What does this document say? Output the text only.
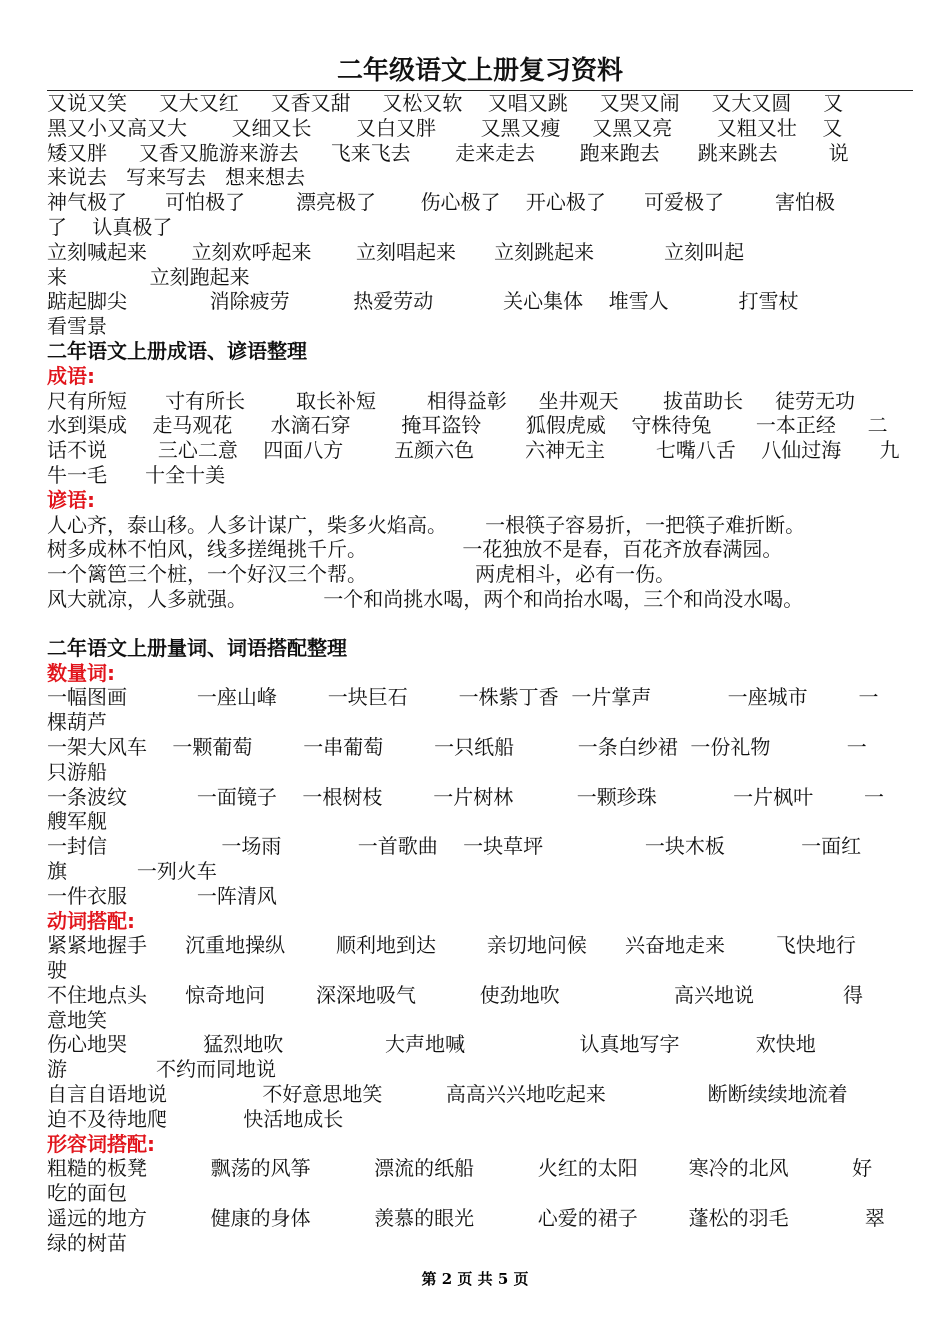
二年级语文上册复习资料

又说又笑     又大又红     又香又甜     又松又软    又唱又跳     又哭又闹     又大又圆     又

黑又小又高又大       又细又长       又白又胖       又黑又瘦     又黑又亮       又粗又壮    又

矮又胖     又香又脆游来游去     飞来飞去       走来走去       跑来跑去      跳来跳去        说

来说去   写来写去   想来想去

神气极了      可怕极了        漂亮极了       伤心极了    开心极了      可爱极了        害怕极

了    认真极了

立刻喊起来       立刻欢呼起来       立刻唱起来      立刻跳起来           立刻叫起

来             立刻跑起来

踮起脚尖             消除疲劳          热爱劳动           关心集体    堆雪人           打雪杖

看雪景

二年语文上册成语、谚语整理

成语:

尺有所短      寸有所长        取长补短        相得益彰     坐井观天       拔苗助长     徒劳无功

水到渠成    走马观花      水滴石穿        掩耳盗铃       狐假虎威    守株待兔       一本正经     二

话不说        三心二意    四面八方        五颜六色        六神无主        七嘴八舌    八仙过海      九

牛一毛      十全十美

谚语:

人心齐，泰山移。人多计谋广，柴多火焰高。      一根筷子容易折，一把筷子难折断。

树多成林不怕风，线多搓绳挑千斤。               一花独放不是春，百花齐放春满园。

一个篱笆三个桩，一个好汉三个帮。                 两虎相斗，必有一伤。

风大就凉，人多就强。            一个和尚挑水喝，两个和尚抬水喝，三个和尚没水喝。

二年语文上册量词、词语搭配整理

数量词:

一幅图画           一座山峰        一块巨石        一株紫丁香  一片掌声            一座城市        一

棵葫芦

一架大风车    一颗葡萄        一串葡萄        一只纸船          一条白纱裙  一份礼物            一

只游船

一条波纹           一面镜子    一根树枝        一片树林          一颗珍珠            一片枫叶        一

艘军舰

一封信                  一场雨            一首歌曲    一块草坪                一块木板            一面红

旗           一列火车

一件衣服           一阵清风

动词搭配:

紧紧地握手      沉重地操纵        顺利地到达        亲切地问候      兴奋地走来        飞快地行

驶

不住地点头      惊奇地问        深深地吸气          使劲地吹                  高兴地说              得

意地笑

伤心地哭            猛烈地吹                大声地喊                  认真地写字            欢快地

游              不约而同地说

自言自语地说               不好意思地笑          高高兴兴地吃起来                断断续续地流着

迫不及待地爬            快活地成长

形容词搭配:

粗糙的板凳          飘荡的风筝          漂流的纸船          火红的太阳        寒冷的北风          好

吃的面包

遥远的地方          健康的身体          羡慕的眼光          心爱的裙子        蓬松的羽毛            翠

绿的树苗

第 2 页 共 5 页
